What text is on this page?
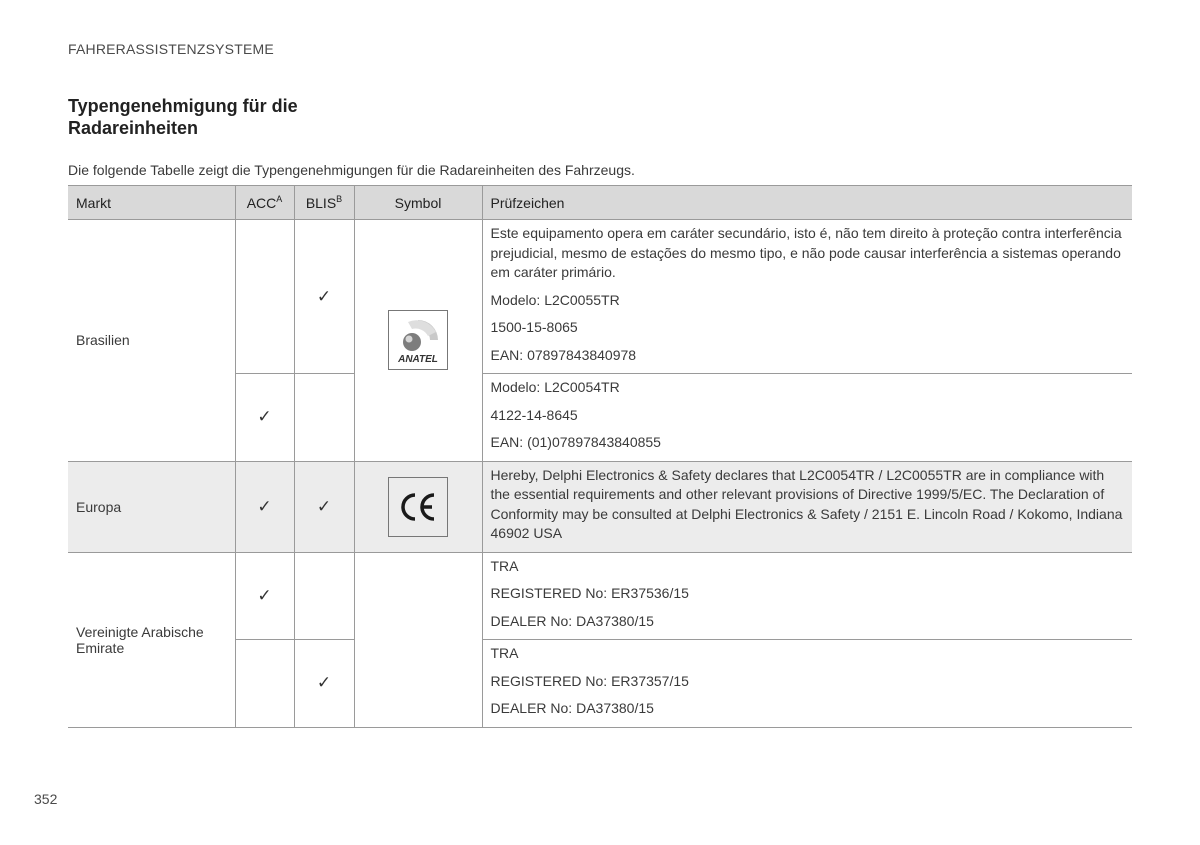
FAHRERASSISTENZSYSTEME
Typengenehmigung für die
Radareinheiten
Die folgende Tabelle zeigt die Typengenehmigungen für die Radareinheiten des Fahrzeugs.
Markt	$ACC^A$	$BLIS^B$	Symbol	Prüfzeichen
Brasilien		✓	ANATEL	Este equipamento opera em caráter secundário, isto é, não tem direito à proteção contra interferência prejudicial, mesmo de estações do mesmo tipo, e não pode causar interferência a sistemas operando em caráter primário.

Modelo: L2C0055TR

1500-15-8065

EAN: 07897843840978

	✓			Modelo: L2C0054TR

4122-14-8645

EAN: (01)07897843840855

Europa	✓	✓		Hereby, Delphi Electronics & Safety declares that L2C0054TR / L2C0055TR are in compliance with the essential requirements and other relevant provisions of Directive 1999/5/EC. The Declaration of Conformity may be consulted at Delphi Electronics & Safety / 2151 E. Lincoln Road / Kokomo, Indiana 46902 USA

Vereinigte Arabische Emirate	✓			TRA

REGISTERED No: ER37536/15

DEALER No: DA37380/15

		✓		TRA

REGISTERED No: ER37357/15

DEALER No: DA37380/15

352
